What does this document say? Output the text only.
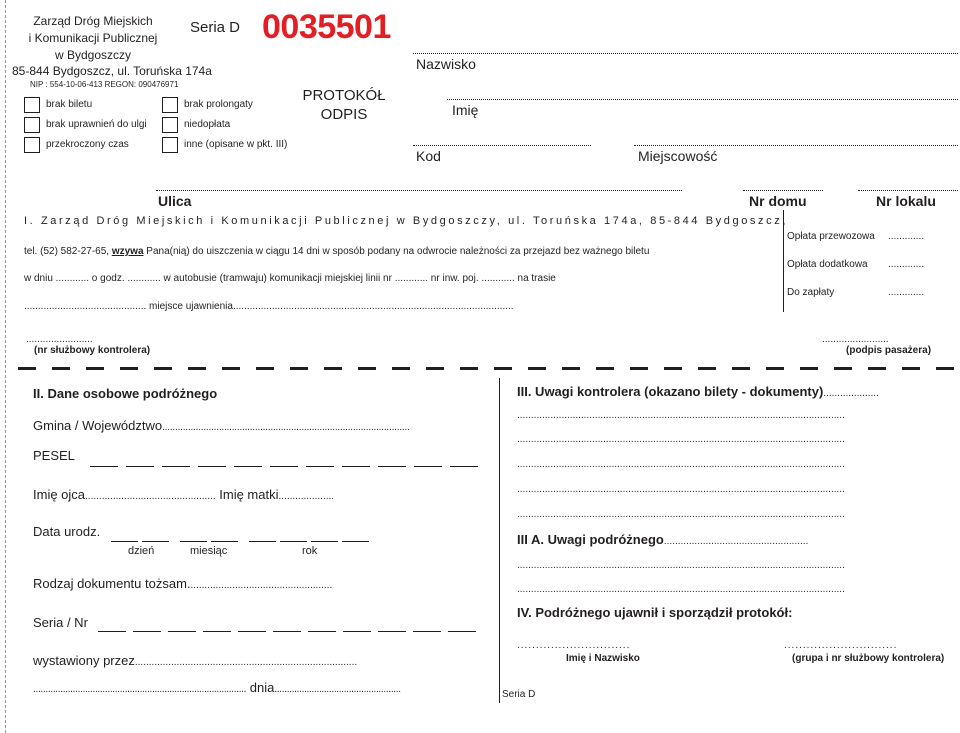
Zarząd Dróg Miejskich
i Komunikacji Publicznej
w Bydgoszczy
85-844 Bydgoszcz, ul. Toruńska 174a
NIP : 554-10-06-413 REGON: 090476971
Seria D 0035501
brak biletu	brak prolongaty
brak uprawnień do ulgi	niedopłata
przekroczony czas	inne (opisane w pkt. III)
PROTOKÓŁ
ODPIS
Nazwisko
Imię
Kod	Miejscowość
Ulica	Nr domu	Nr lokalu
I. Zarząd Dróg Miejskich i Komunikacji Publicznej w Bydgoszczy, ul. Toruńska 174a, 85-844 Bydgoszcz,
tel. (52) 582-27-65, wzywa Pana(nią) do uiszczenia w ciągu 14 dni w sposób podany na odwrocie należności za przejazd bez ważnego biletu
w dniu ............ o godz. ............ w autobusie (tramwaju) komunikacji miejskiej linii nr ............ nr inw. poj. ............ na trasie
............................................ miejsce ujawnienia.....................................................................................................
Opłata przewozowa .............
Opłata dodatkowa .............
Do zapłaty	.............
........................
(nr służbowy kontrolera)
........................
(podpis pasażera)
II. Dane osobowe podróżnego
Gmina / Województwo................................................................................................
PESEL
Imię ojca............................................... Imię matki....................
Data urodz.
dzień	miesiąc	rok
Rodzaj dokumentu tożsam....................................................
Seria / Nr
wystawiony przez................................................................................
...................................................................................... dnia...................................................
III. Uwagi kontrolera (okazano bilety - dokumenty)....................
......................................................................................................................
......................................................................................................................
......................................................................................................................
......................................................................................................................
......................................................................................................................
III A. Uwagi podróżnego....................................................
......................................................................................................................
......................................................................................................................
IV. Podróżnego ujawnił i sporządził protokół:
..............................
Imię i Nazwisko
..............................
(grupa i nr służbowy kontrolera)
Seria D
